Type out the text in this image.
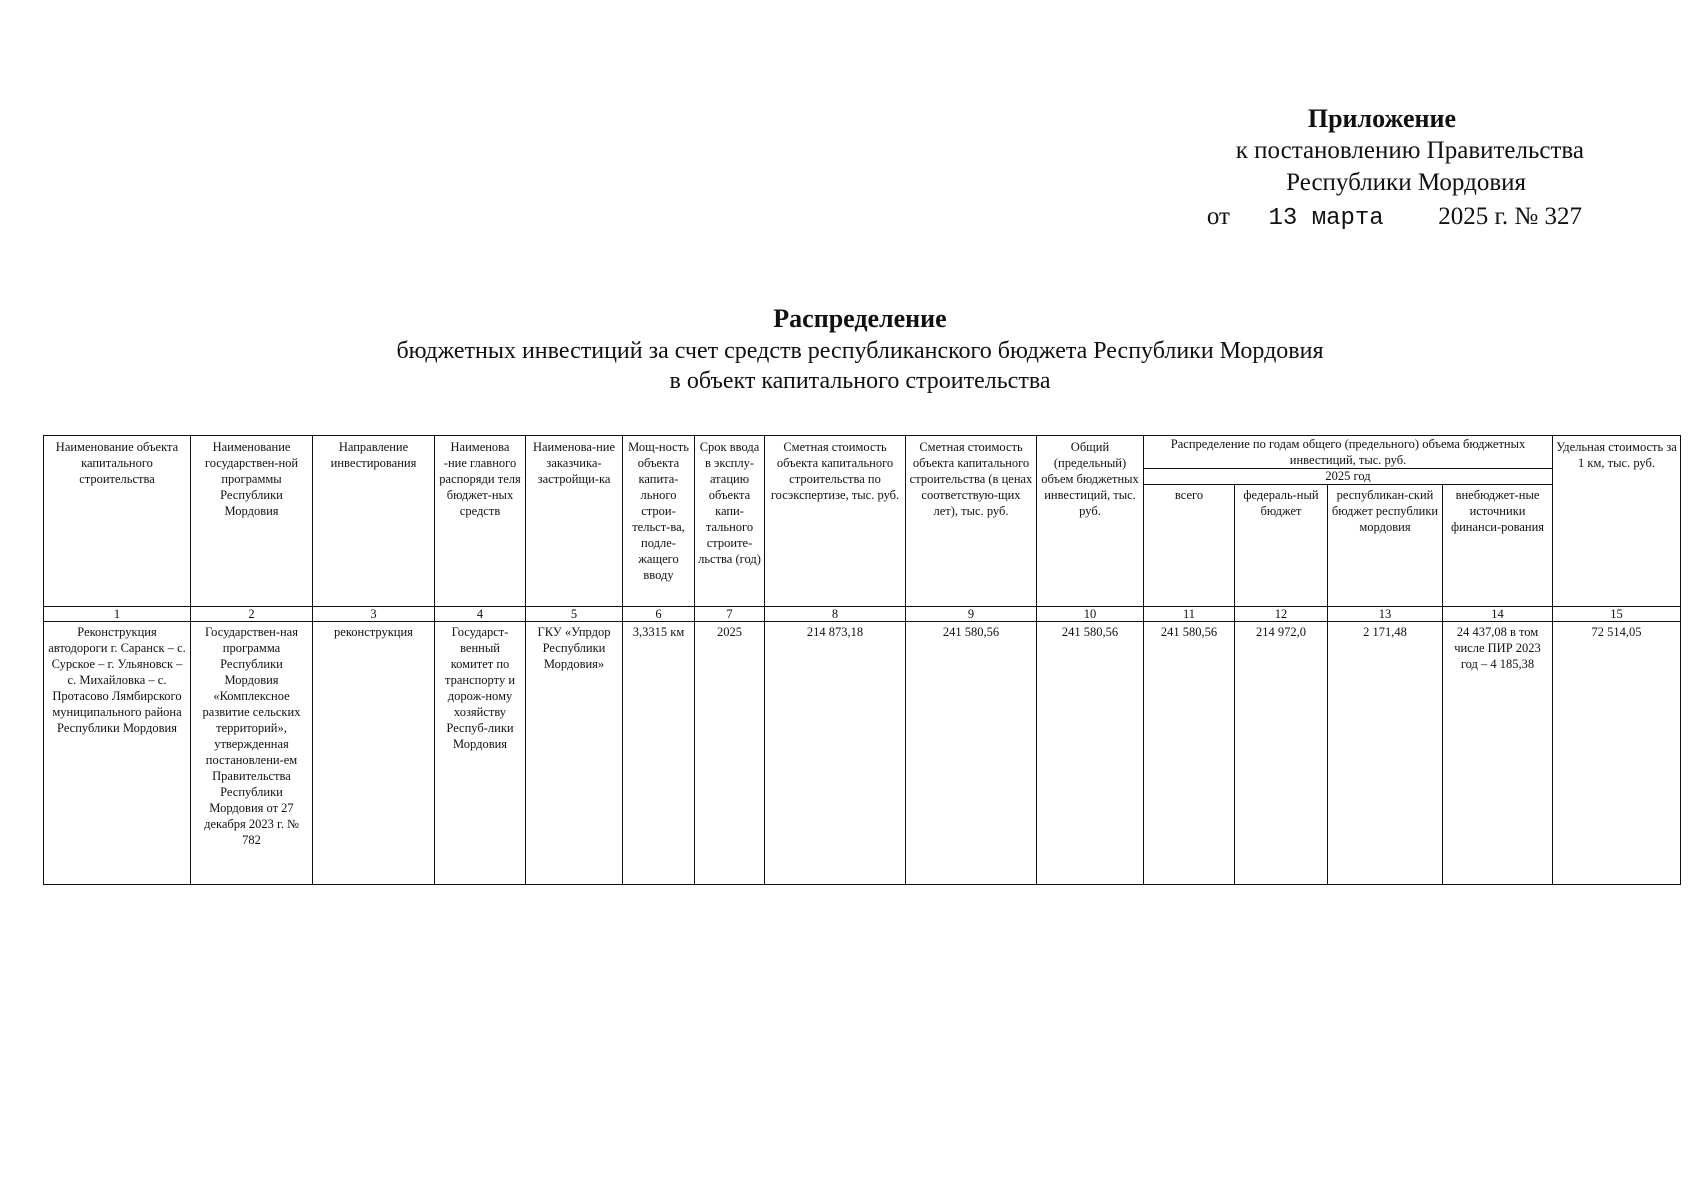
Приложение
к постановлению Правительства
Республики Мордовия
от 13 марта 2025 г. № 327
Распределение
бюджетных инвестиций за счет средств республиканского бюджета Республики Мордовия
в объект капитального строительства
Наименование объекта капитального строительства	Наименование государствен-ной программы Республики Мордовия	Направление инвестирования	Наименова -ние главного распоряди теля бюджет-ных средств	Наименова-ние заказчика-застройщи-ка	Мощ-ность объекта капита-льного строи-тельст-ва, подле-жащего вводу	Срок ввода в эксплу-атацию объекта капи-тального строите-льства (год)	Сметная стоимость объекта капитального строительства по госэкспертизе, тыс. руб.	Сметная стоимость объекта капитального строительства (в ценах соответствую-щих лет), тыс. руб.	Общий (предельный) объем бюджетных инвестиций, тыс. руб.	Распределение по годам общего (предельного) объема бюджетных инвестиций, тыс. руб.				Удельная стоимость за 1 км, тыс. руб.
										2025 год				
										всего	федераль-ный бюджет	республикан-ский бюджет республики мордовия	внебюджет-ные источники финанси-рования	
1	2	3	4	5	6	7	8	9	10	11	12	13	14	15
Реконструкция автодороги г. Саранск – с. Сурское – г. Ульяновск – с. Михайловка – с. Протасово Лямбирского муниципального района Республики Мордовия	Государствен-ная программа Республики Мордовия «Комплексное развитие сельских территорий», утвержденная постановлени-ем Правительства Республики Мордовия от 27 декабря 2023 г. № 782	реконструкция	Государст-венный комитет по транспорту и дорож-ному хозяйству Респуб-лики Мордовия	ГКУ «Упрдор Республики Мордовия»	3,3315 км	2025	214 873,18	241 580,56	241 580,56	241 580,56	214 972,0	2 171,48	24 437,08 в том числе ПИР 2023 год – 4 185,38	72 514,05
